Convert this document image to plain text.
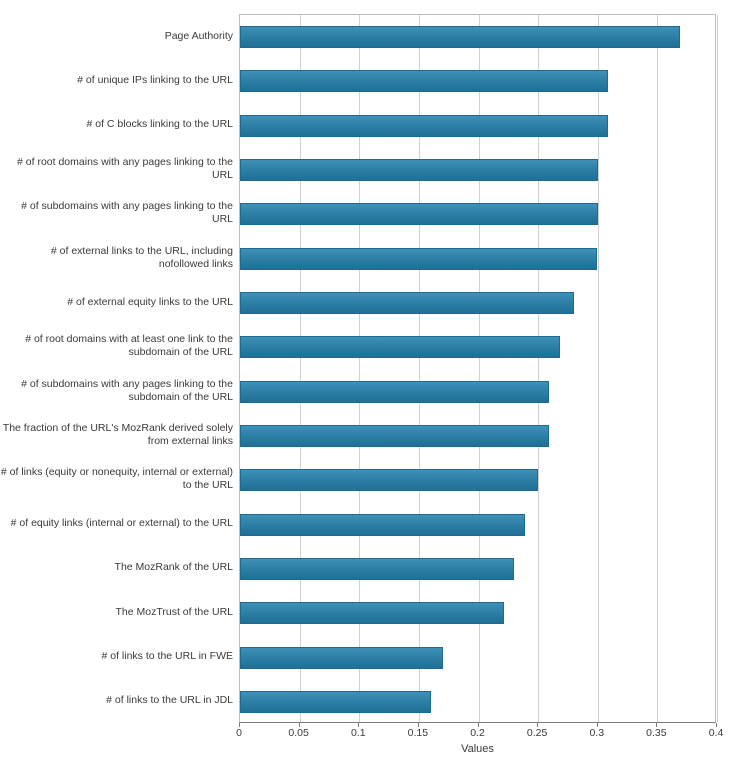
Page Authority
# of unique IPs linking to the URL
# of C blocks linking to the URL
# of root domains with any pages linking to the URL
# of subdomains with any pages linking to the URL
# of external links to the URL, including nofollowed links
# of external equity links to the URL
# of root domains with at least one link to the subdomain of the URL
# of subdomains with any pages linking to the subdomain of the URL
The fraction of the URL's MozRank derived solely from external links
# of links (equity or nonequity, internal or external) to the URL
# of equity links (internal or external) to the URL
The MozRank of the URL
The MozTrust of the URL
# of links to the URL in FWE
# of links to the URL in JDL
0	0.05	0.1	0.15	0.2	0.25	0.3	0.35	0.4
Values
